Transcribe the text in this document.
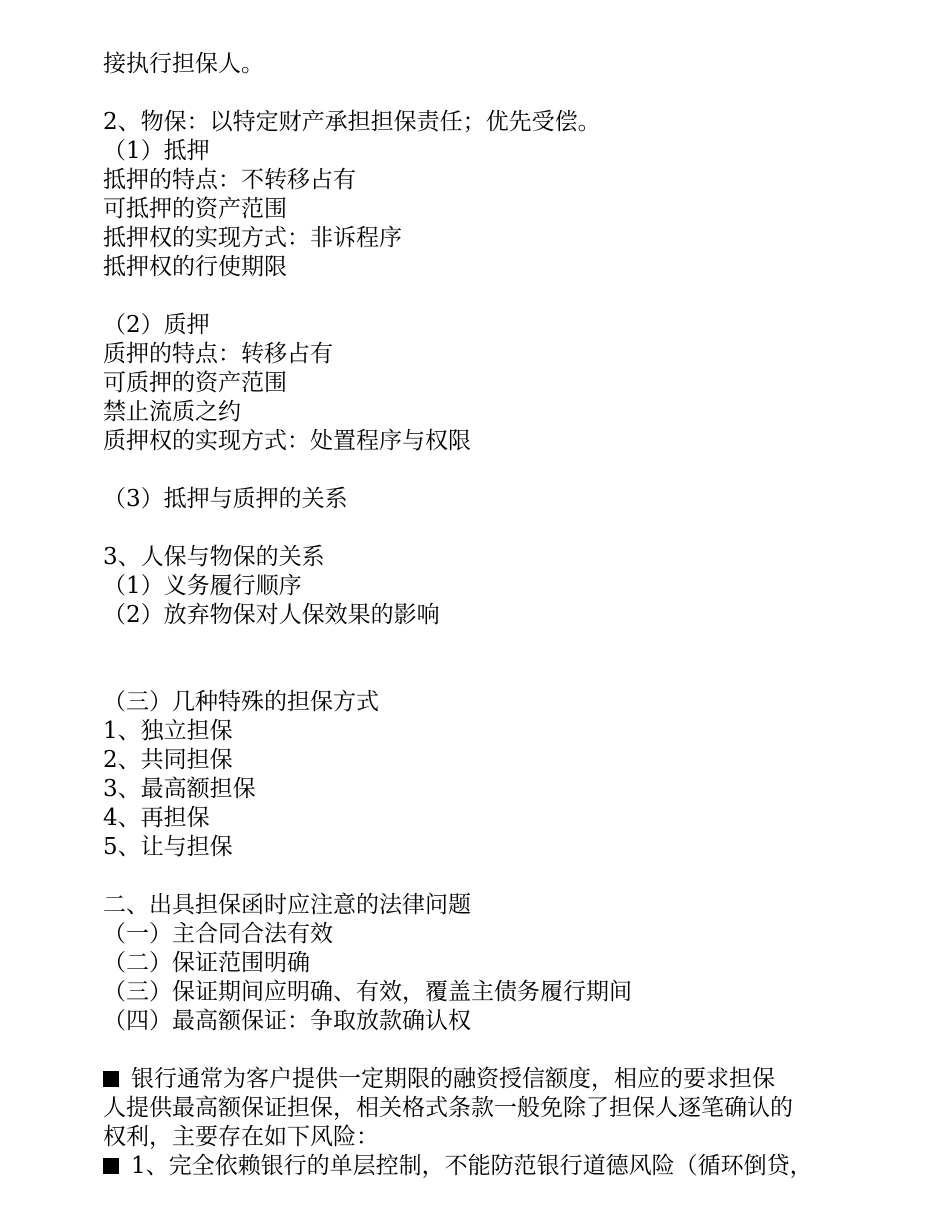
接执行担保人。
2、物保：以特定财产承担担保责任；优先受偿。
（1）抵押
抵押的特点：不转移占有
可抵押的资产范围
抵押权的实现方式：非诉程序
抵押权的行使期限
（2）质押
质押的特点：转移占有
可质押的资产范围
禁止流质之约
质押权的实现方式：处置程序与权限
（3）抵押与质押的关系
3、人保与物保的关系
（1）义务履行顺序
（2）放弃物保对人保效果的影响
（三）几种特殊的担保方式
1、独立担保
2、共同担保
3、最高额担保
4、再担保
5、让与担保
二、出具担保函时应注意的法律问题
（一）主合同合法有效
（二）保证范围明确
（三）保证期间应明确、有效，覆盖主债务履行期间
（四）最高额保证：争取放款确认权
银行通常为客户提供一定期限的融资授信额度，相应的要求担保
人提供最高额保证担保，相关格式条款一般免除了担保人逐笔确认的
权利，主要存在如下风险：
1、完全依赖银行的单层控制，不能防范银行道德风险（循环倒贷，
